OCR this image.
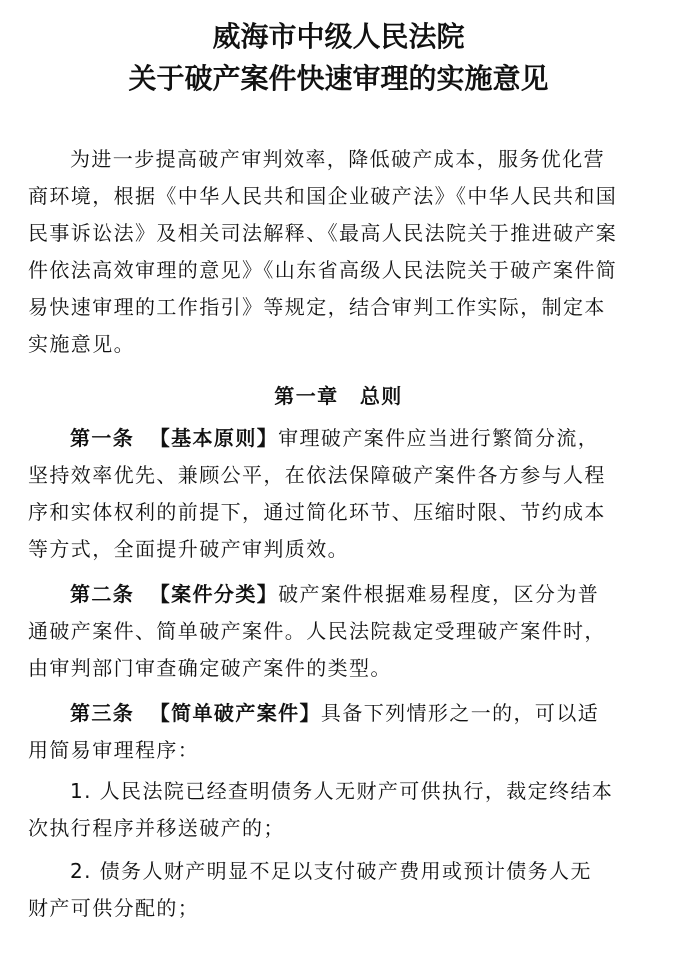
威海市中级人民法院
关于破产案件快速审理的实施意见
为进一步提高破产审判效率，降低破产成本，服务优化营
商环境，根据《中华人民共和国企业破产法》《中华人民共和国
民事诉讼法》及相关司法解释、《最高人民法院关于推进破产案
件依法高效审理的意见》《山东省高级人民法院关于破产案件简
易快速审理的工作指引》等规定，结合审判工作实际，制定本
实施意见。
第一章　总则
第一条 【基本原则】审理破产案件应当进行繁简分流，
坚持效率优先、兼顾公平，在依法保障破产案件各方参与人程
序和实体权利的前提下，通过简化环节、压缩时限、节约成本
等方式，全面提升破产审判质效。
第二条 【案件分类】破产案件根据难易程度，区分为普
通破产案件、简单破产案件。人民法院裁定受理破产案件时，
由审判部门审查确定破产案件的类型。
第三条 【简单破产案件】具备下列情形之一的，可以适
用简易审理程序：
1. 人民法院已经查明债务人无财产可供执行，裁定终结本
次执行程序并移送破产的；
2. 债务人财产明显不足以支付破产费用或预计债务人无
财产可供分配的；
